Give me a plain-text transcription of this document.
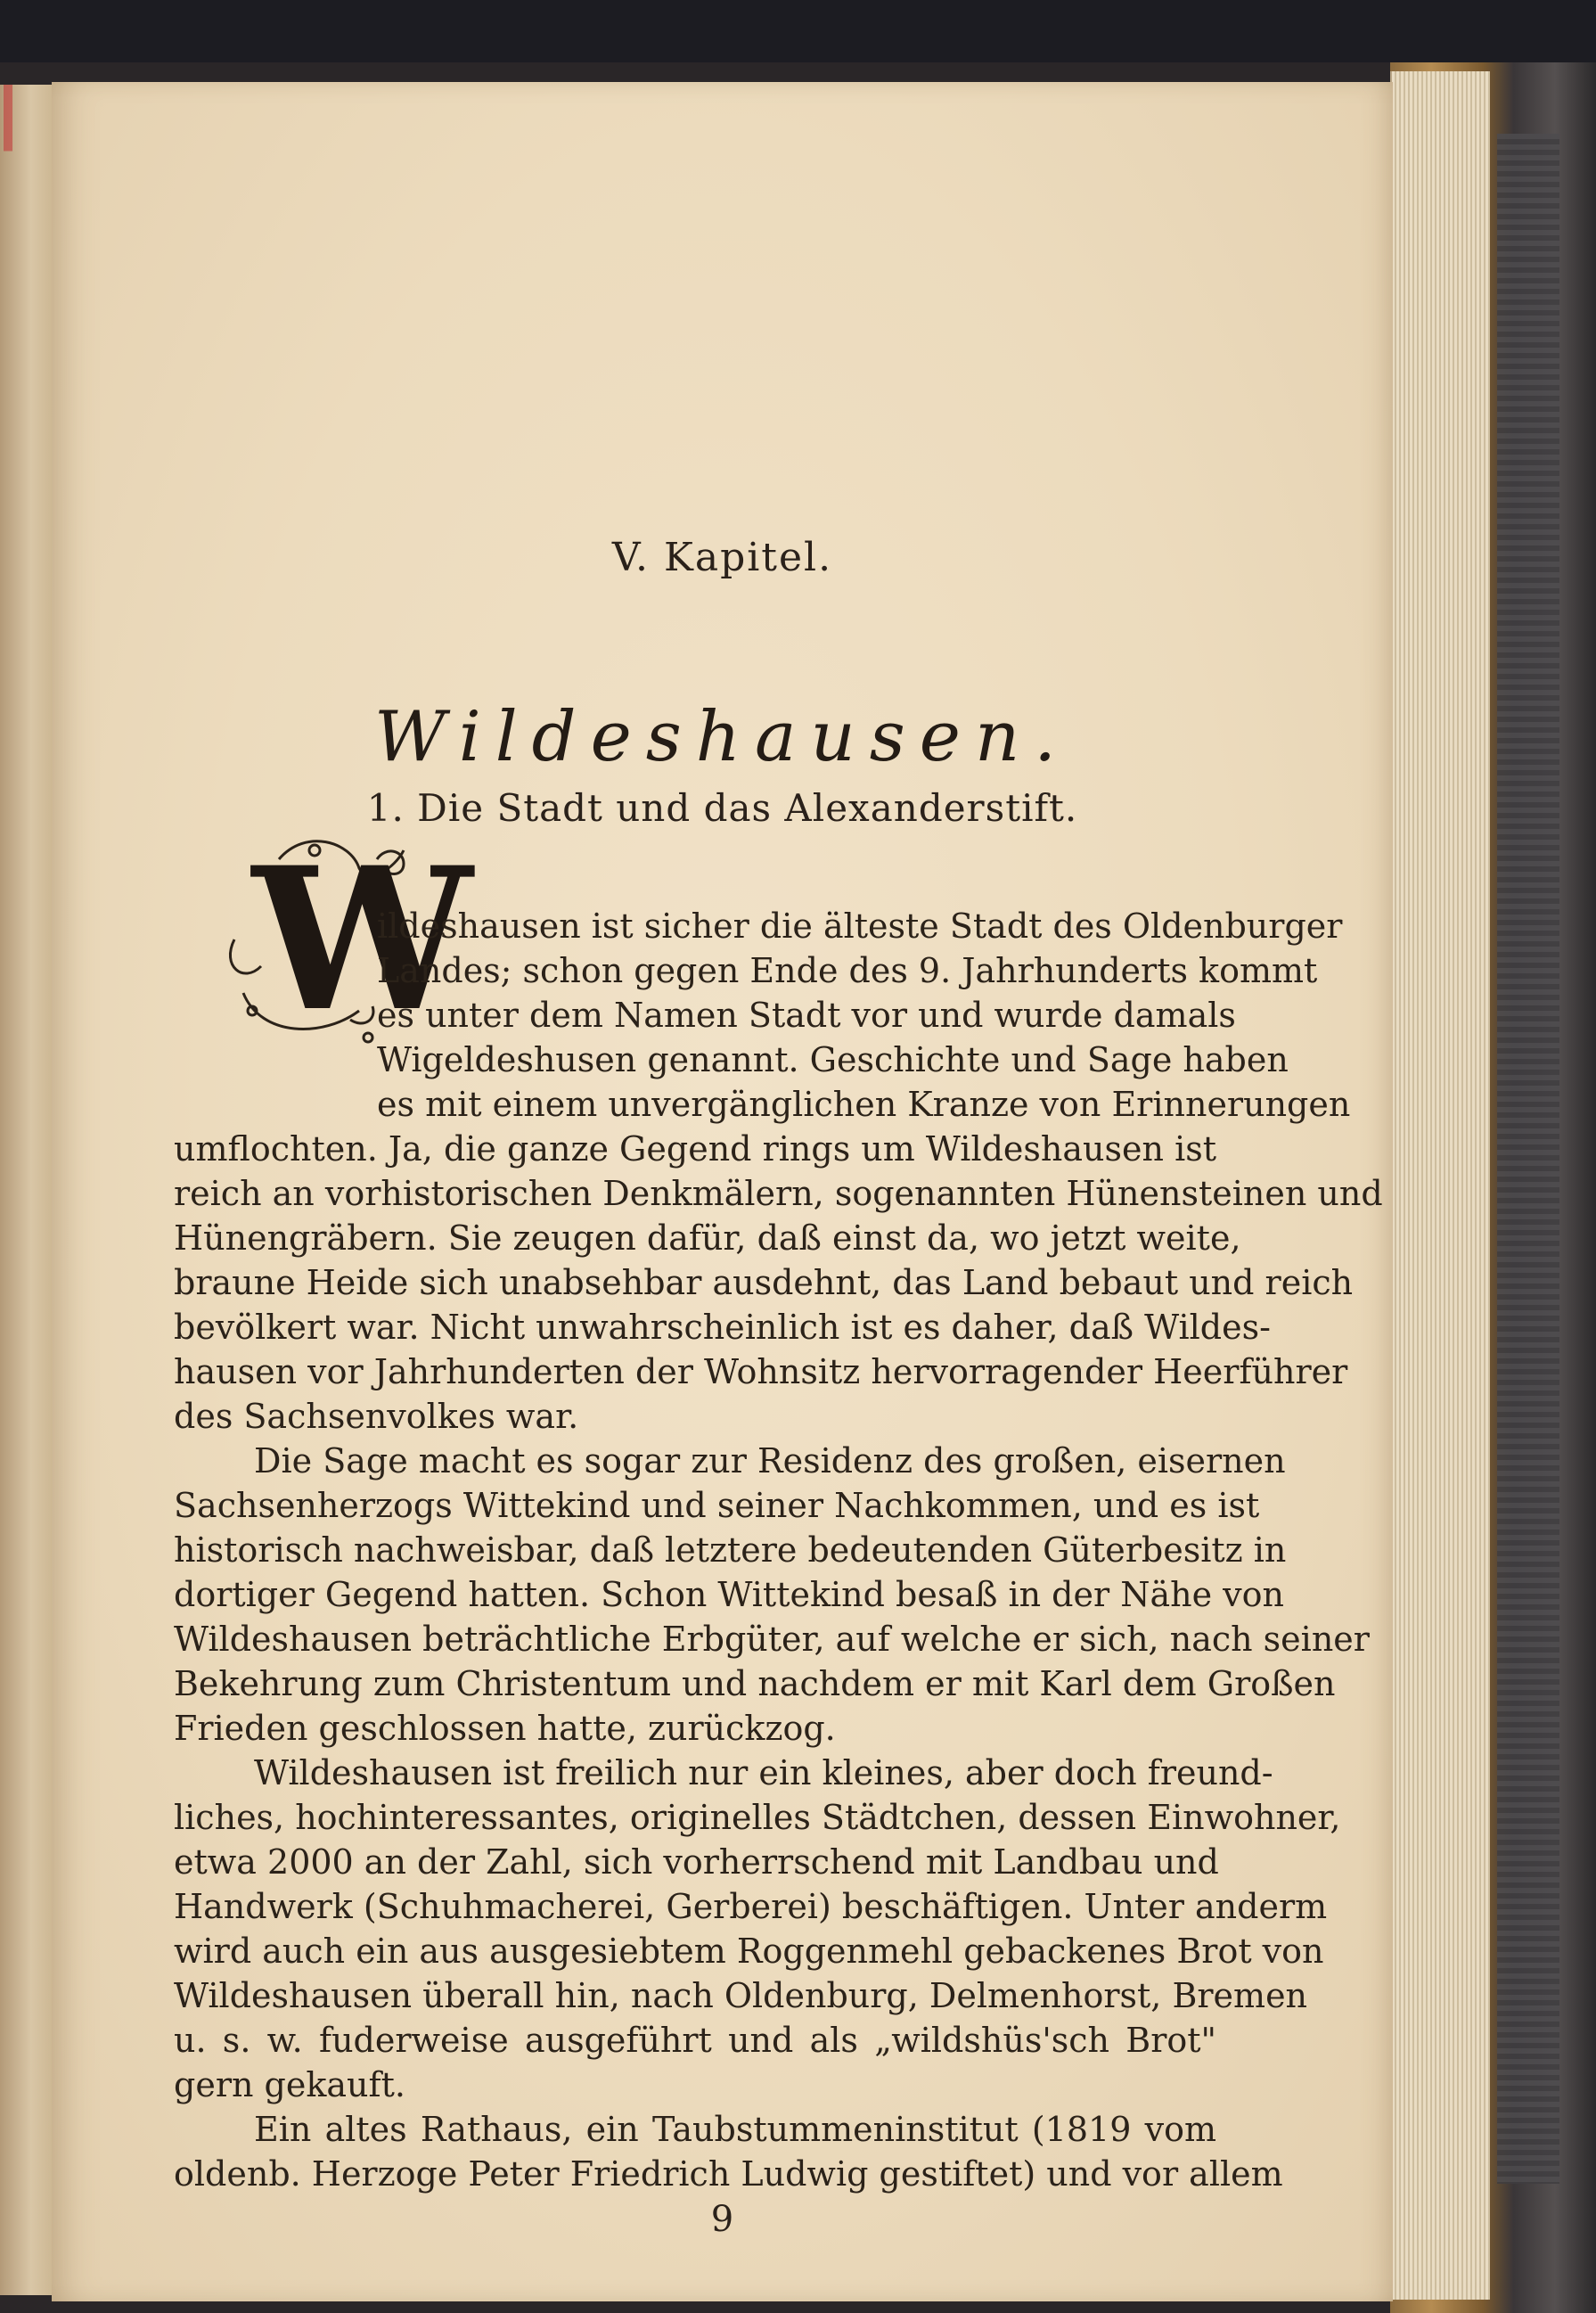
V. Kapitel.
Wildeshausen.
1. Die Stadt und das Alexanderstift.
W
ildeshausen ist sicher die älteste Stadt des Oldenburger
Landes; schon gegen Ende des 9. Jahrhunderts kommt
es unter dem Namen Stadt vor und wurde damals
Wigeldeshusen genannt. Geschichte und Sage haben
es mit einem unvergänglichen Kranze von Erinnerungen
umflochten. Ja, die ganze Gegend rings um Wildeshausen ist
reich an vorhistorischen Denkmälern, sogenannten Hünensteinen und
Hünengräbern. Sie zeugen dafür, daß einst da, wo jetzt weite,
braune Heide sich unabsehbar ausdehnt, das Land bebaut und reich
bevölkert war. Nicht unwahrscheinlich ist es daher, daß Wildes-
hausen vor Jahrhunderten der Wohnsitz hervorragender Heerführer
des Sachsenvolkes war.
Die Sage macht es sogar zur Residenz des großen, eisernen
Sachsenherzogs Wittekind und seiner Nachkommen, und es ist
historisch nachweisbar, daß letztere bedeutenden Güterbesitz in
dortiger Gegend hatten. Schon Wittekind besaß in der Nähe von
Wildeshausen beträchtliche Erbgüter, auf welche er sich, nach seiner
Bekehrung zum Christentum und nachdem er mit Karl dem Großen
Frieden geschlossen hatte, zurückzog.
Wildeshausen ist freilich nur ein kleines, aber doch freund-
liches, hochinteressantes, originelles Städtchen, dessen Einwohner,
etwa 2000 an der Zahl, sich vorherrschend mit Landbau und
Handwerk (Schuhmacherei, Gerberei) beschäftigen. Unter anderm
wird auch ein aus ausgesiebtem Roggenmehl gebackenes Brot von
Wildeshausen überall hin, nach Oldenburg, Delmenhorst, Bremen
u. s. w. fuderweise ausgeführt und als „wildshüs'sch Brot"
gern gekauft.
Ein altes Rathaus, ein Taubstummeninstitut (1819 vom
oldenb. Herzoge Peter Friedrich Ludwig gestiftet) und vor allem
9
